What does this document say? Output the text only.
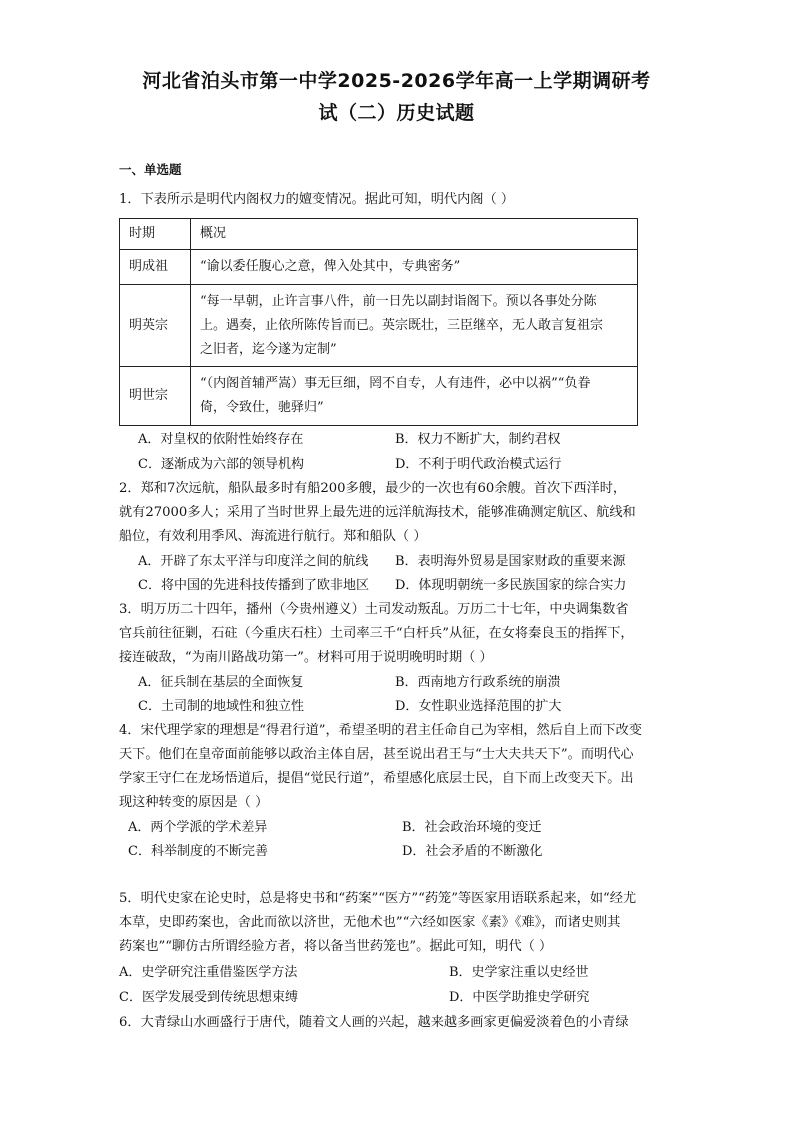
河北省泊头市第一中学2025-2026学年高一上学期调研考
试（二）历史试题
一、单选题
1．下表所示是明代内阁权力的嬗变情况。据此可知，明代内阁（ ）
时期	概况
明成祖	“谕以委任腹心之意，俾入处其中，专典密务”

明英宗	“每一早朝，止许言事八件，前一日先以副封诣阁下。预以各事处分陈
上。遇奏，止依所陈传旨而已。英宗既壮，三臣继卒，无人敢言复祖宗
之旧者，迄今遂为定制”

明世宗	“（内阁首辅严嵩）事无巨细，罔不自专，人有违件，必中以祸”“负眷
倚，令致仕，驰驿归”
A．对皇权的依附性始终存在	B．权力不断扩大，制约君权
C．逐渐成为六部的领导机构	D．不利于明代政治模式运行
2．郑和7次远航，船队最多时有船200多艘，最少的一次也有60余艘。首次下西洋时，
就有27000多人；采用了当时世界上最先进的远洋航海技术，能够准确测定航区、航线和
船位，有效利用季风、海流进行航行。郑和船队（ ）
A．开辟了东太平洋与印度洋之间的航线 B．表明海外贸易是国家财政的重要来源
C．将中国的先进科技传播到了欧非地区 D．体现明朝统一多民族国家的综合实力
3．明万历二十四年，播州（今贵州遵义）土司发动叛乱。万历二十七年，中央调集数省
官兵前往征剿，石砫（今重庆石柱）土司率三千“白杆兵”从征，在女将秦良玉的指挥下，
接连破敌，“为南川路战功第一”。材料可用于说明晚明时期（ ）
A．征兵制在基层的全面恢复	B．西南地方行政系统的崩溃
C．土司制的地域性和独立性	D．女性职业选择范围的扩大
4．宋代理学家的理想是“得君行道”，希望圣明的君主任命自己为宰相，然后自上而下改变
天下。他们在皇帝面前能够以政治主体自居，甚至说出君王与“士大夫共天下”。而明代心
学家王守仁在龙场悟道后，提倡“觉民行道”，希望感化底层士民，自下而上改变天下。出
现这种转变的原因是（ ）
A．两个学派的学术差异	B．社会政治环境的变迁
C．科举制度的不断完善	D．社会矛盾的不断激化
5．明代史家在论史时，总是将史书和“药案”“医方”“药笼”等医家用语联系起来，如“经尤
本草，史即药案也，舍此而欲以济世，无他术也”“六经如医家《素》《难》，而诸史则其
药案也”“聊仿古所谓经验方者，将以备当世药笼也”。据此可知，明代（ ）
A．史学研究注重借鉴医学方法	B．史学家注重以史经世
C．医学发展受到传统思想束缚	D．中医学助推史学研究
6．大青绿山水画盛行于唐代，随着文人画的兴起，越来越多画家更偏爱淡着色的小青绿
